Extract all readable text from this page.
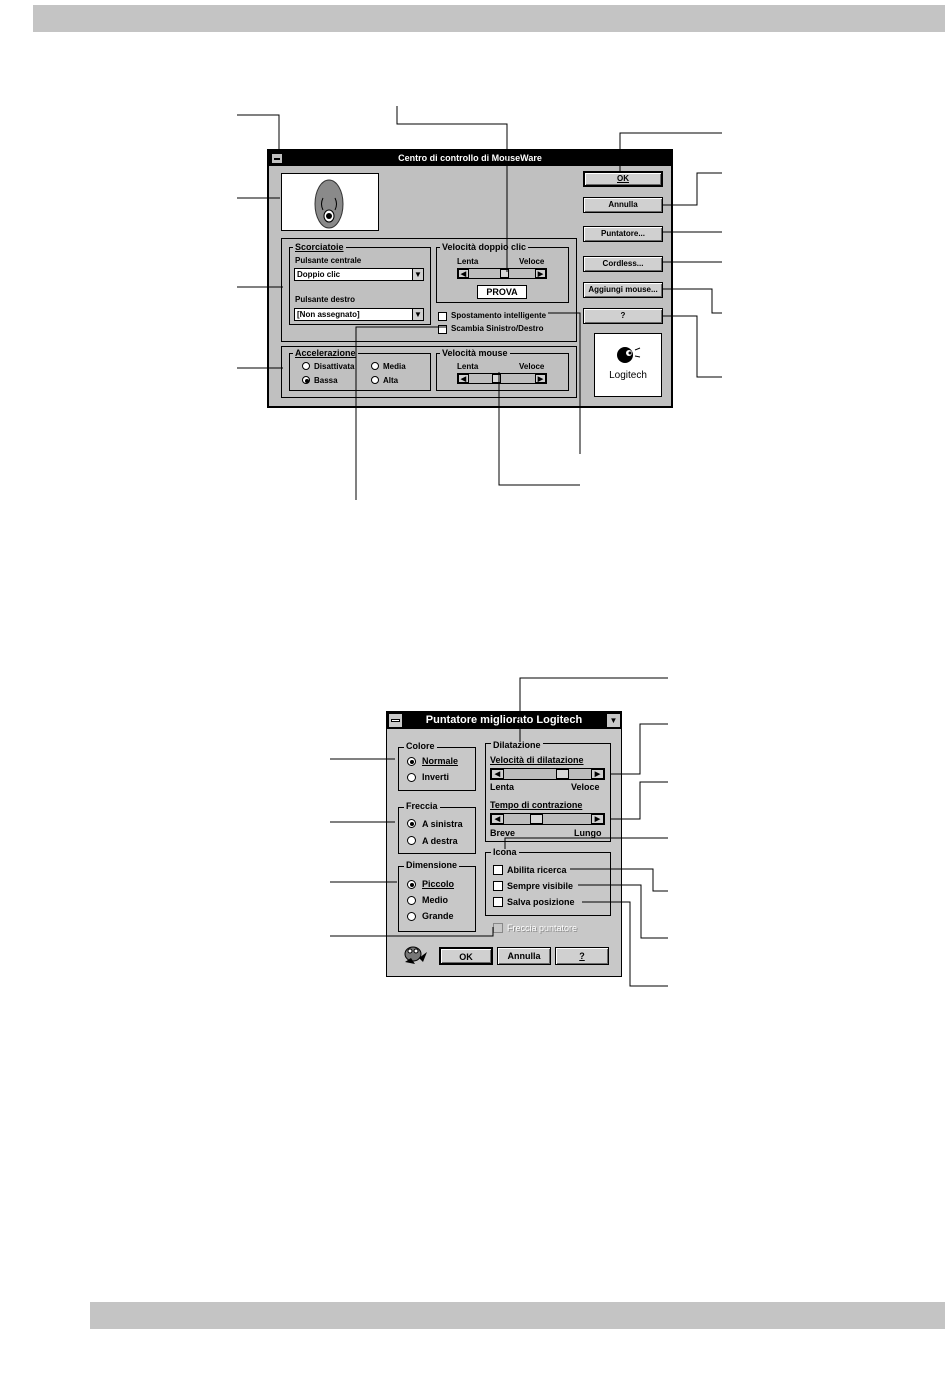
Centro di controllo di MouseWare
OK
Annulla
Puntatore...
Cordless...
Aggiungi mouse...
?
Logitech
Scorciatoie
Pulsante centrale
Doppio clic	▼
Pulsante destro
[Non assegnato]	▼
Velocità doppio clic
Lenta	Veloce
◀	▶
PROVA
Spostamento intelligente
Scambia Sinistro/Destro
Accelerazione
Disattivata	Media
Bassa	Alta
Velocità mouse
Lenta	Veloce
◀	▶
Puntatore migliorato Logitech	▼
Colore
Normale
Inverti
Freccia
A sinistra
A destra
Dimensione
Piccolo
Medio
Grande
Dilatazione
Velocità di dilatazione
◀	▶
Lenta	Veloce
Tempo di contrazione
◀	▶
Breve	Lungo
Icona
Abilita ricerca
Sempre visibile
Salva posizione
Freccia puntatore
OK	Annulla	?
